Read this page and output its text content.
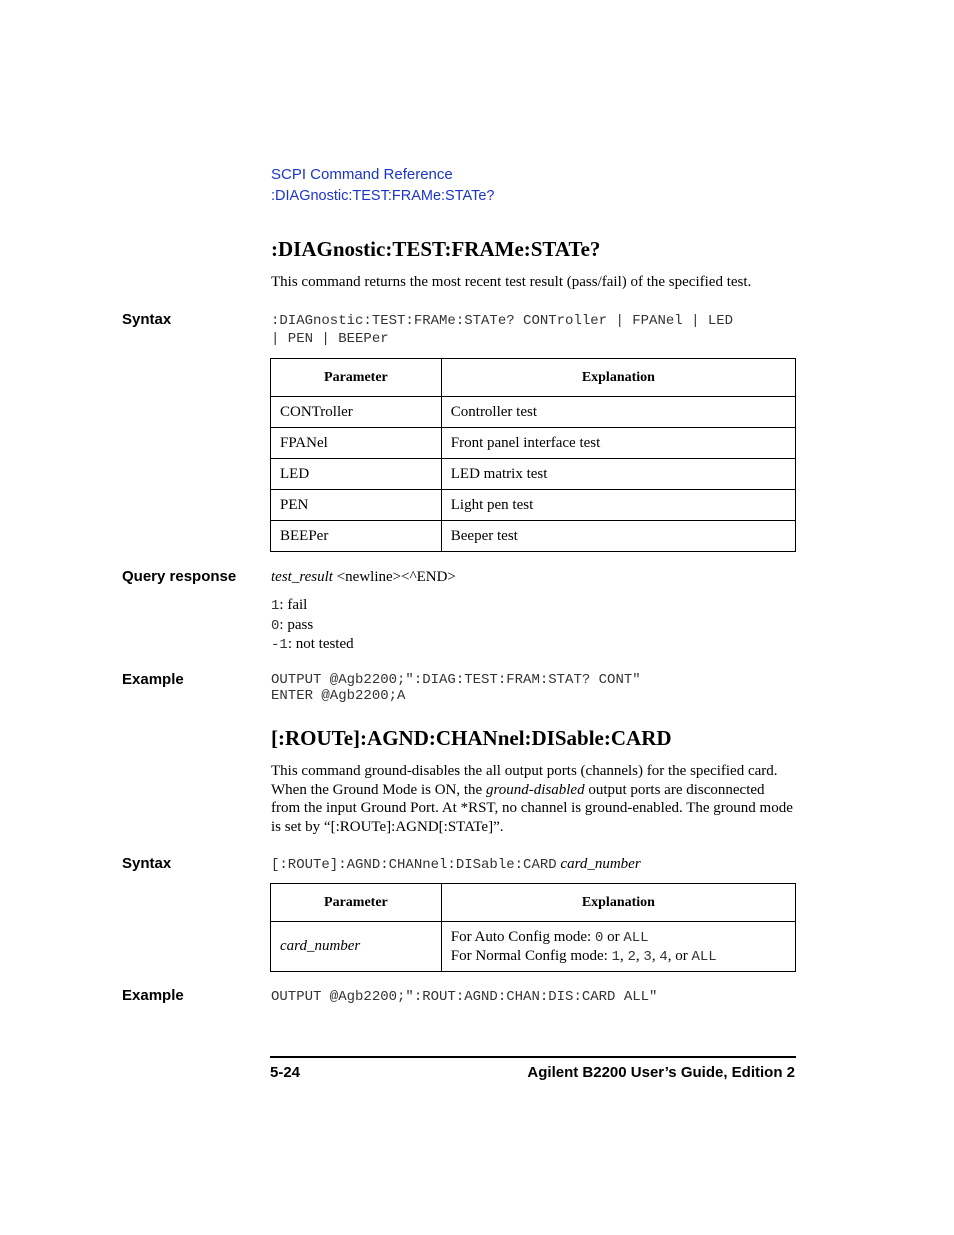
SCPI Command Reference
:DIAGnostic:TEST:FRAMe:STATe?
:DIAGnostic:TEST:FRAMe:STATe?
This command returns the most recent test result (pass/fail) of the specified test.
Syntax	:DIAGnostic:TEST:FRAMe:STATe? CONTroller | FPANel | LED
| PEN | BEEPer
Parameter	Explanation
CONTroller	Controller test
FPANel	Front panel interface test
LED	LED matrix test
PEN	Light pen test
BEEPer	Beeper test
Query response test_result <newline><^END>
1: fail
0: pass
-1: not tested
Example	OUTPUT @Agb2200;":DIAG:TEST:FRAM:STAT? CONT"
ENTER @Agb2200;A
[:ROUTe]:AGND:CHANnel:DISable:CARD
This command ground-disables the all output ports (channels) for the specified card. When the Ground Mode is ON, the ground-disabled output ports are disconnected from the input Ground Port. At *RST, no channel is ground-enabled. The ground mode is set by “[:ROUTe]:AGND[:STATe]”.
Syntax	[:ROUTe]:AGND:CHANnel:DISable:CARD card_number
Parameter	Explanation
card_number	For Auto Config mode: 0 or ALL
For Normal Config mode: 1, 2, 3, 4, or ALL
Example	OUTPUT @Agb2200;":ROUT:AGND:CHAN:DIS:CARD ALL"
5-24	Agilent B2200 User’s Guide, Edition 2
